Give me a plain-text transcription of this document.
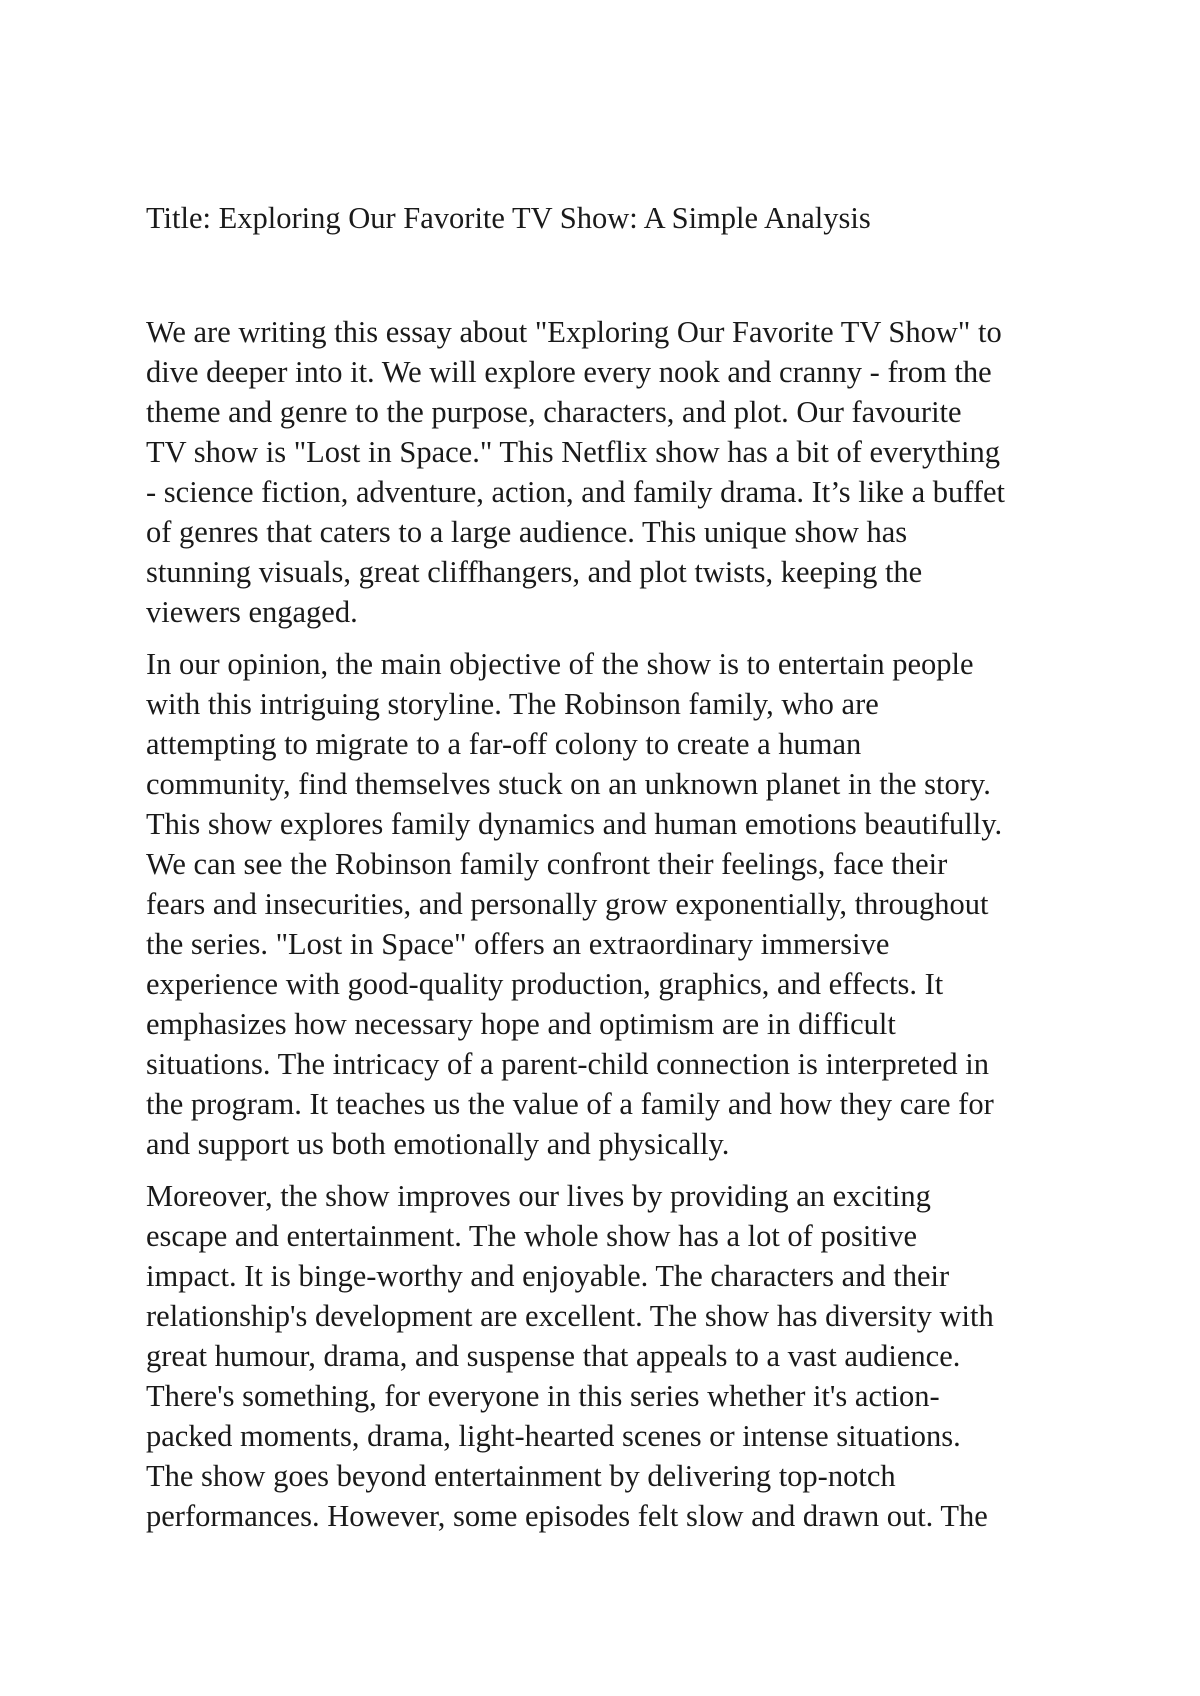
Title: Exploring Our Favorite TV Show: A Simple Analysis

We are writing this essay about "Exploring Our Favorite TV Show" to
dive deeper into it. We will explore every nook and cranny - from the
theme and genre to the purpose, characters, and plot. Our favourite
TV show is "Lost in Space." This Netflix show has a bit of everything
- science fiction, adventure, action, and family drama. It’s like a buffet
of genres that caters to a large audience. This unique show has
stunning visuals, great cliffhangers, and plot twists, keeping the
viewers engaged.

In our opinion, the main objective of the show is to entertain people
with this intriguing storyline. The Robinson family, who are
attempting to migrate to a far-off colony to create a human
community, find themselves stuck on an unknown planet in the story.
This show explores family dynamics and human emotions beautifully.
We can see the Robinson family confront their feelings, face their
fears and insecurities, and personally grow exponentially, throughout
the series. "Lost in Space" offers an extraordinary immersive
experience with good-quality production, graphics, and effects. It
emphasizes how necessary hope and optimism are in difficult
situations. The intricacy of a parent-child connection is interpreted in
the program. It teaches us the value of a family and how they care for
and support us both emotionally and physically.

Moreover, the show improves our lives by providing an exciting
escape and entertainment. The whole show has a lot of positive
impact. It is binge-worthy and enjoyable. The characters and their
relationship's development are excellent. The show has diversity with
great humour, drama, and suspense that appeals to a vast audience.
There's something, for everyone in this series whether it's action-
packed moments, drama, light-hearted scenes or intense situations.
The show goes beyond entertainment by delivering top-notch
performances. However, some episodes felt slow and drawn out. The
